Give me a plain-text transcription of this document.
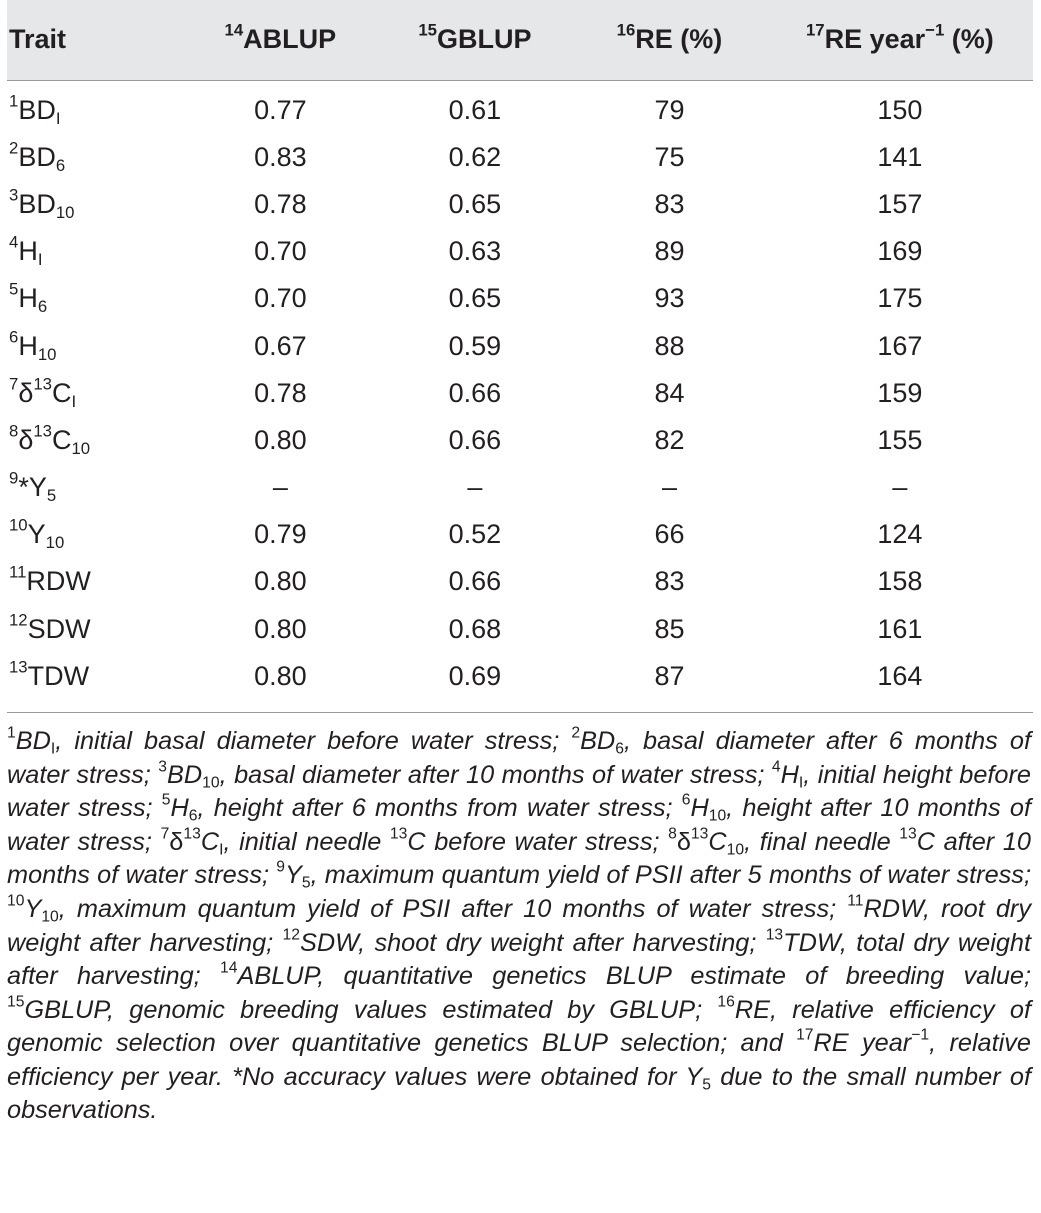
Trait	$^{14}$ABLUP	$^{15}$GBLUP	$^{16}$RE (%)	$^{17}$RE year$^{-1}$ (%)
$^1BD_I$	0.77	0.61	79	150
$^2BD_6$	0.83	0.62	75	141
$^3BD_{10}$	0.78	0.65	83	157
$^4H_I$	0.70	0.63	89	169
$^5H_6$	0.70	0.65	93	175
$^6H_{10}$	0.67	0.59	88	167
$^7\delta^{13}C_I$	0.78	0.66	84	159
$^8\delta^{13}C_{10}$	0.80	0.66	82	155
$^9*Y_5$	–	–	–	–
$^{10}Y_{10}$	0.79	0.52	66	124
$^{11}$RDW	0.80	0.66	83	158
$^{12}$SDW	0.80	0.68	85	161
$^{13}$TDW	0.80	0.69	87	164
$^1BD_I$, initial basal diameter before water stress; $^2BD_6$, basal diameter after 6 months of water stress; $^3BD_{10}$, basal diameter after 10 months of water stress; $^4H_I$, initial height before water stress; $^5H_6$, height after 6 months from water stress; $^6H_{10}$, height after 10 months of water stress; $^7\delta^{13}C_I$, initial needle $^{13}$C before water stress; $^8\delta^{13}C_{10}$, final needle $^{13}$C after 10 months of water stress; $^9Y_5$, maximum quantum yield of PSII after 5 months of water stress; $^{10}Y_{10}$, maximum quantum yield of PSII after 10 months of water stress; $^{11}$RDW, root dry weight after harvesting; $^{12}$SDW, shoot dry weight after harvesting; $^{13}$TDW, total dry weight after harvesting; $^{14}$ABLUP, quantitative genetics BLUP estimate of breeding value; $^{15}$GBLUP, genomic breeding values estimated by GBLUP; $^{16}$RE, relative efficiency of genomic selection over quantitative genetics BLUP selection; and $^{17}$RE year$^{-1}$, relative efficiency per year. *No accuracy values were obtained for $Y_5$ due to the small number of observations.
